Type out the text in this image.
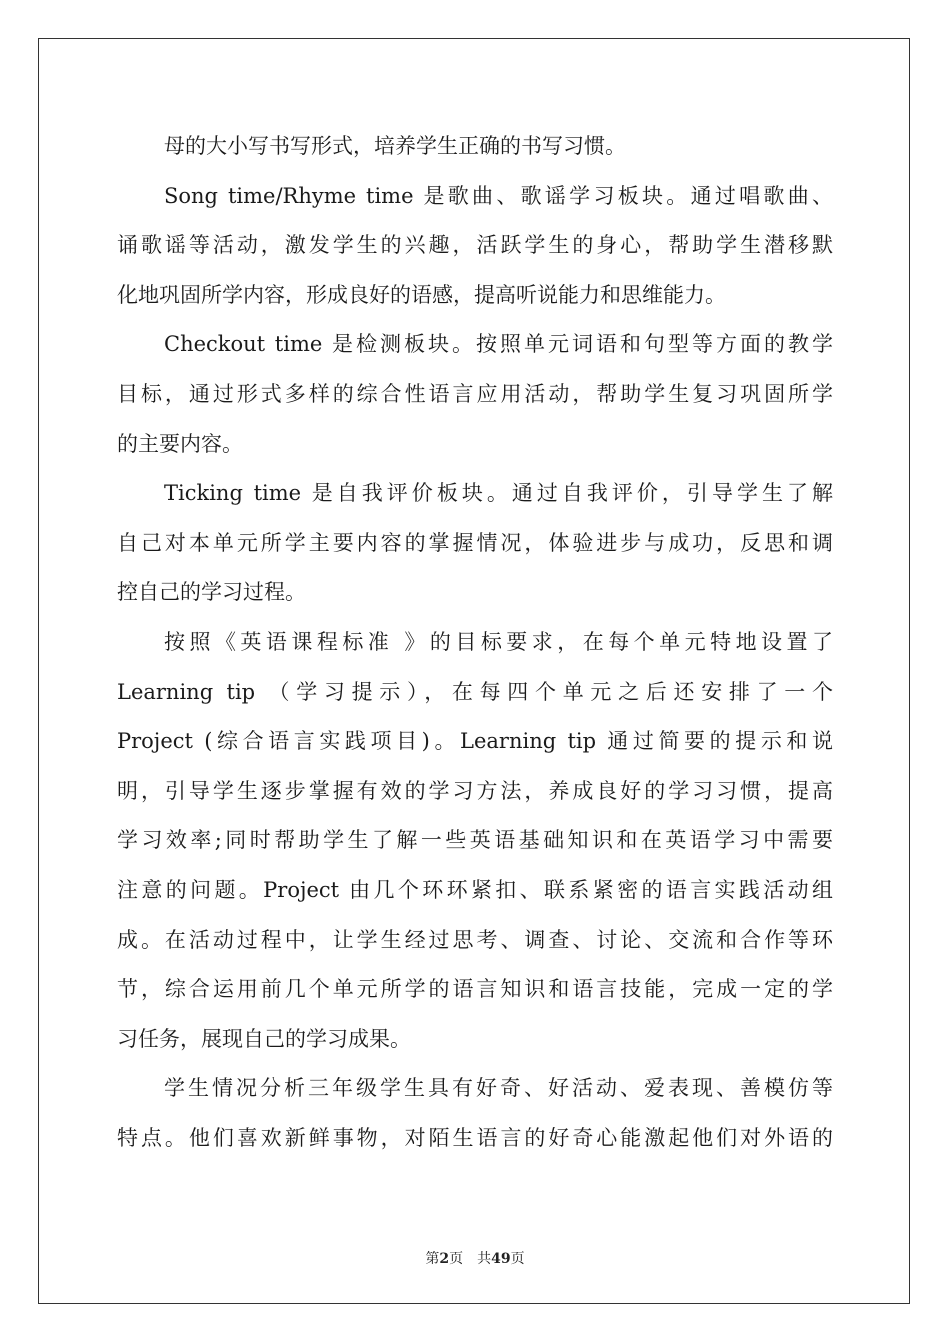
母的大小写书写形式，培养学生正确的书写习惯。
Song time/Rhyme time 是歌曲、歌谣学习板块。通过唱歌曲、
诵歌谣等活动，激发学生的兴趣，活跃学生的身心，帮助学生潜移默
化地巩固所学内容，形成良好的语感，提高听说能力和思维能力。
Checkout time 是检测板块。按照单元词语和句型等方面的教学
目标，通过形式多样的综合性语言应用活动，帮助学生复习巩固所学
的主要内容。
Ticking time 是自我评价板块。通过自我评价，引导学生了解
自己对本单元所学主要内容的掌握情况，体验进步与成功，反思和调
控自己的学习过程。
按照《英语课程标准 》的目标要求，在每个单元特地设置了
Learning tip （学习提示），在每四个单元之后还安排了一个
Project (综合语言实践项目)。Learning tip 通过简要的提示和说
明，引导学生逐步掌握有效的学习方法，养成良好的学习习惯，提高
学习效率;同时帮助学生了解一些英语基础知识和在英语学习中需要
注意的问题。Project 由几个环环紧扣、联系紧密的语言实践活动组
成。在活动过程中，让学生经过思考、调查、讨论、交流和合作等环
节，综合运用前几个单元所学的语言知识和语言技能，完成一定的学
习任务，展现自己的学习成果。
学生情况分析三年级学生具有好奇、好活动、爱表现、善模仿等
特点。他们喜欢新鲜事物，对陌生语言的好奇心能激起他们对外语的
第2页 共49页
